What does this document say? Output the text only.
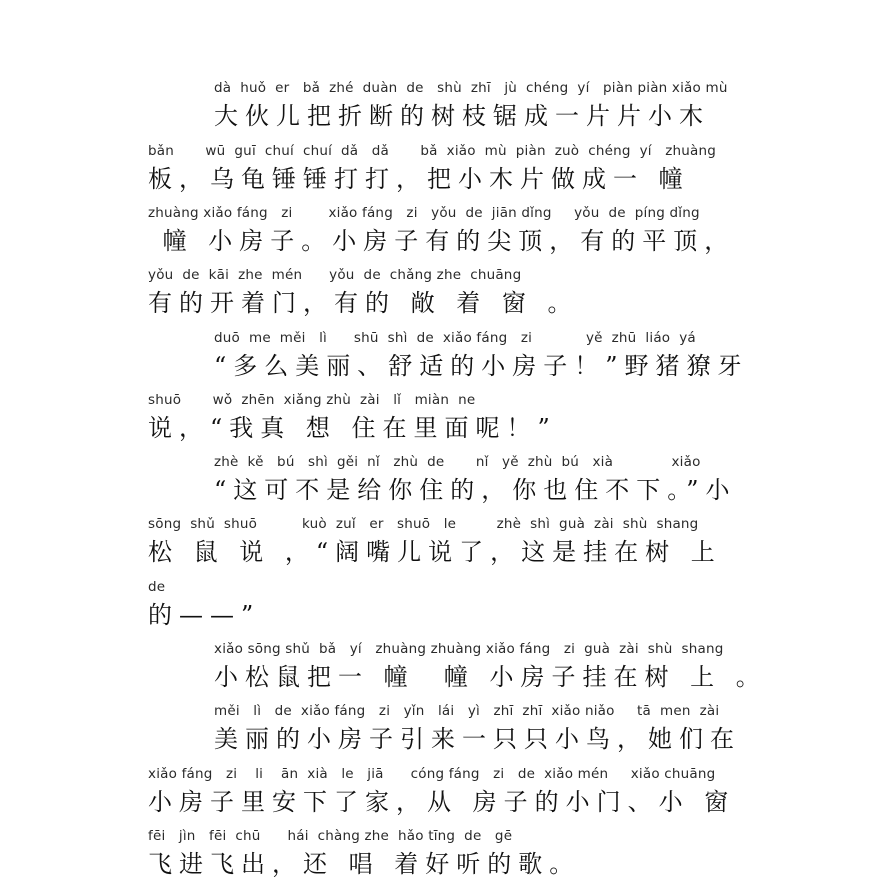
dà  huǒ  er   bǎ  zhé  duàn  de   shù  zhī   jù  chéng  yí   piàn piàn xiǎo mù
大伙儿把折断的树枝锯成一片片小木
bǎn       wū  guī  chuí  chuí  dǎ   dǎ       bǎ  xiǎo  mù  piàn  zuò  chéng  yí   zhuàng
板，乌龟锤锤打打，把小木片做成一 幢
zhuàng xiǎo fáng   zi        xiǎo fáng   zi   yǒu  de  jiān dǐng     yǒu  de  píng dǐng
幢 小房子。小房子有的尖顶，有的平顶，
yǒu  de  kāi  zhe  mén      yǒu  de  chǎng zhe  chuāng
有的开着门，有的 敞 着 窗 。
duō  me  měi   lì      shū  shì  de  xiǎo fáng   zi            yě  zhū  liáo  yá
“多么美丽、舒适的小房子！”野猪獠牙
shuō       wǒ  zhēn  xiǎng zhù  zài   lǐ   miàn  ne
说，“我真 想 住在里面呢！”
zhè  kě   bú   shì  gěi  nǐ   zhù  de       nǐ   yě  zhù  bú   xià             xiǎo
“这可不是给你住的，你也住不下。”小
sōng  shǔ  shuō          kuò  zuǐ   er   shuō   le         zhè  shì  guà  zài  shù  shang
松 鼠 说 ，“阔嘴儿说了，这是挂在树 上
de
的——”
xiǎo sōng shǔ  bǎ   yí   zhuàng zhuàng xiǎo fáng   zi  guà  zài  shù  shang
小松鼠把一 幢  幢 小房子挂在树 上 。
měi   lì   de  xiǎo fáng   zi   yǐn   lái   yì   zhī  zhī  xiǎo niǎo     tā  men  zài
美丽的小房子引来一只只小鸟，她们在
xiǎo fáng   zi    li    ān  xià   le   jiā      cóng fáng   zi   de  xiǎo mén     xiǎo chuāng
小房子里安下了家，从 房子的小门、小 窗
fēi   jìn   fēi  chū      hái  chàng zhe  hǎo tīng  de   gē
飞进飞出，还 唱 着好听的歌。
